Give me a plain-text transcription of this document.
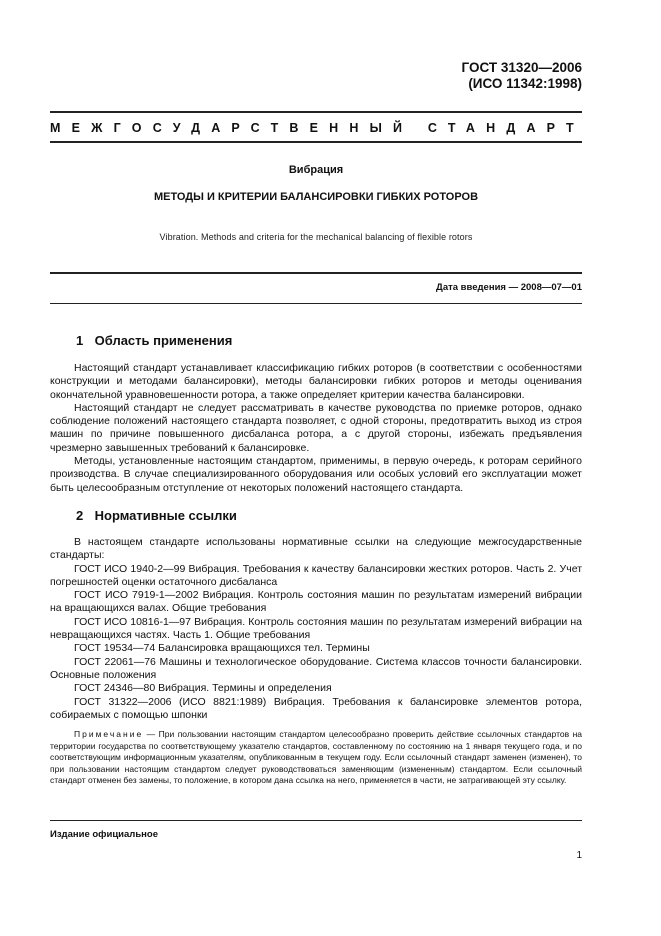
ГОСТ 31320—2006
(ИСО 11342:1998)
МЕЖГОСУДАРСТВЕННЫЙ СТАНДАРТ
Вибрация
МЕТОДЫ И КРИТЕРИИ БАЛАНСИРОВКИ ГИБКИХ РОТОРОВ
Vibration. Methods and criteria for the mechanical balancing of flexible rotors
Дата введения — 2008—07—01
1 Область применения

Настоящий стандарт устанавливает классификацию гибких роторов (в соответствии с особенностями конструкции и методами балансировки), методы балансировки гибких роторов и методы оценивания окончательной уравновешенности ротора, а также определяет критерии качества балансировки.

Настоящий стандарт не следует рассматривать в качестве руководства по приемке роторов, однако соблюдение положений настоящего стандарта позволяет, с одной стороны, предотвратить выход из строя машин по причине повышенного дисбаланса ротора, а с другой стороны, избежать предъявления чрезмерно завышенных требований к балансировке.

Методы, установленные настоящим стандартом, применимы, в первую очередь, к роторам серийного производства. В случае специализированного оборудования или особых условий его эксплуатации может быть целесообразным отступление от некоторых положений настоящего стандарта.

2 Нормативные ссылки

В настоящем стандарте использованы нормативные ссылки на следующие межгосударственные стандарты:

ГОСТ ИСО 1940-2—99 Вибрация. Требования к качеству балансировки жестких роторов. Часть 2. Учет погрешностей оценки остаточного дисбаланса

ГОСТ ИСО 7919-1—2002 Вибрация. Контроль состояния машин по результатам измерений вибрации на вращающихся валах. Общие требования

ГОСТ ИСО 10816-1—97 Вибрация. Контроль состояния машин по результатам измерений вибрации на невращающихся частях. Часть 1. Общие требования

ГОСТ 19534—74 Балансировка вращающихся тел. Термины

ГОСТ 22061—76 Машины и технологическое оборудование. Система классов точности балансировки. Основные положения

ГОСТ 24346—80 Вибрация. Термины и определения

ГОСТ 31322—2006 (ИСО 8821:1989) Вибрация. Требования к балансировке элементов ротора, собираемых с помощью шпонки

Примечание — При пользовании настоящим стандартом целесообразно проверить действие ссылочных стандартов на территории государства по соответствующему указателю стандартов, составленному по состоянию на 1 января текущего года, и по соответствующим информационным указателям, опубликованным в текущем году. Если ссылочный стандарт заменен (изменен), то при пользовании настоящим стандартом следует руководствоваться заменяющим (измененным) стандартом. Если ссылочный стандарт отменен без замены, то положение, в котором дана ссылка на него, применяется в части, не затрагивающей эту ссылку.

Издание официальное
1
